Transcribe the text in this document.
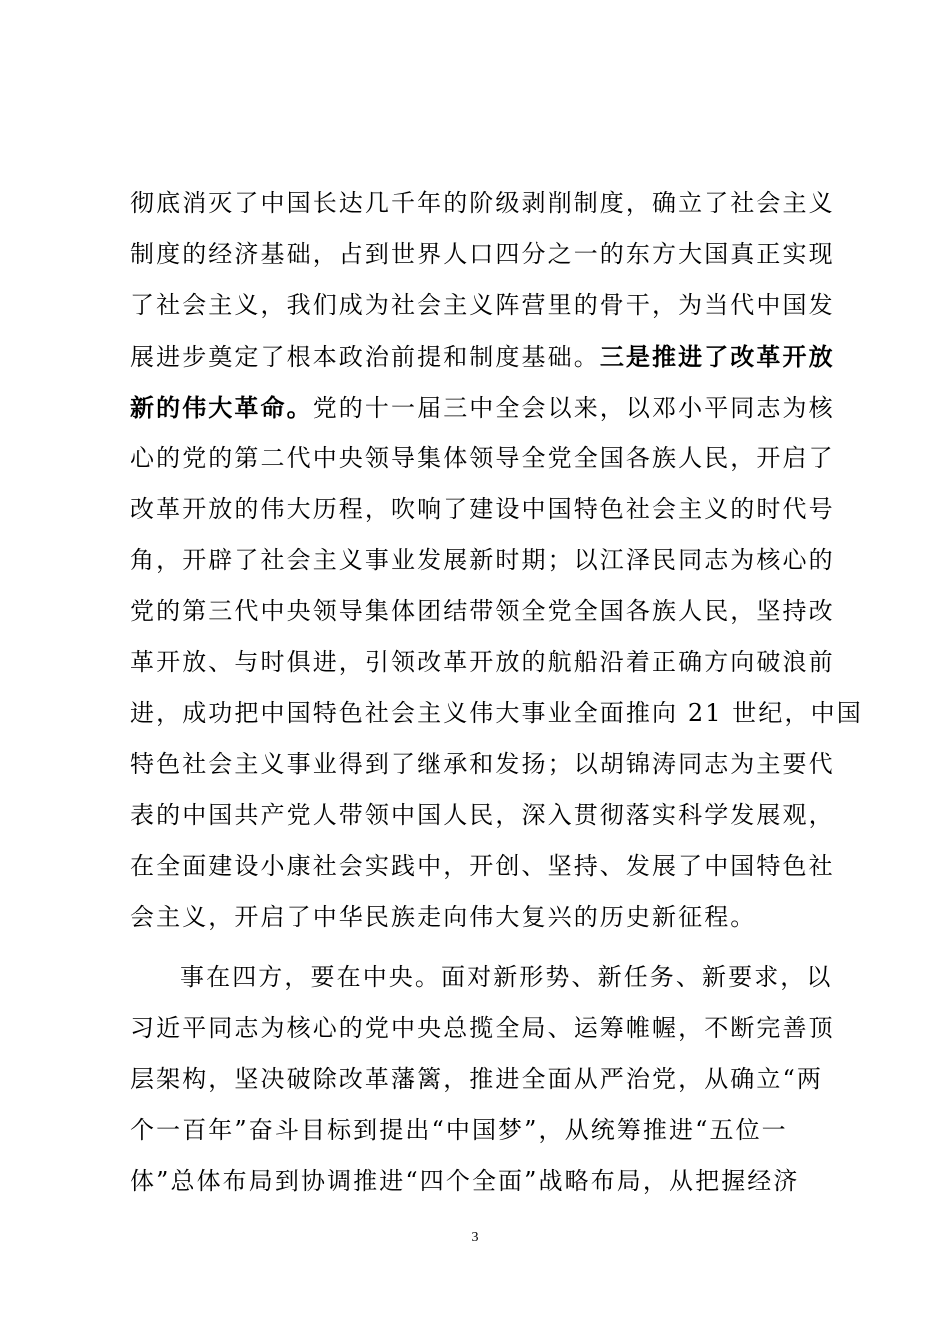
彻底消灭了中国长达几千年的阶级剥削制度，确立了社会主义
制度的经济基础，占到世界人口四分之一的东方大国真正实现
了社会主义，我们成为社会主义阵营里的骨干，为当代中国发
展进步奠定了根本政治前提和制度基础。三是推进了改革开放
新的伟大革命。党的十一届三中全会以来，以邓小平同志为核
心的党的第二代中央领导集体领导全党全国各族人民，开启了
改革开放的伟大历程，吹响了建设中国特色社会主义的时代号
角，开辟了社会主义事业发展新时期；以江泽民同志为核心的
党的第三代中央领导集体团结带领全党全国各族人民，坚持改
革开放、与时俱进，引领改革开放的航船沿着正确方向破浪前
进，成功把中国特色社会主义伟大事业全面推向 21 世纪，中国
特色社会主义事业得到了继承和发扬；以胡锦涛同志为主要代
表的中国共产党人带领中国人民，深入贯彻落实科学发展观，
在全面建设小康社会实践中，开创、坚持、发展了中国特色社
会主义，开启了中华民族走向伟大复兴的历史新征程。
事在四方，要在中央。面对新形势、新任务、新要求，以
习近平同志为核心的党中央总揽全局、运筹帷幄，不断完善顶
层架构，坚决破除改革藩篱，推进全面从严治党，从确立“两
个一百年”奋斗目标到提出“中国梦”，从统筹推进“五位一
体”总体布局到协调推进“四个全面”战略布局，从把握经济
3
